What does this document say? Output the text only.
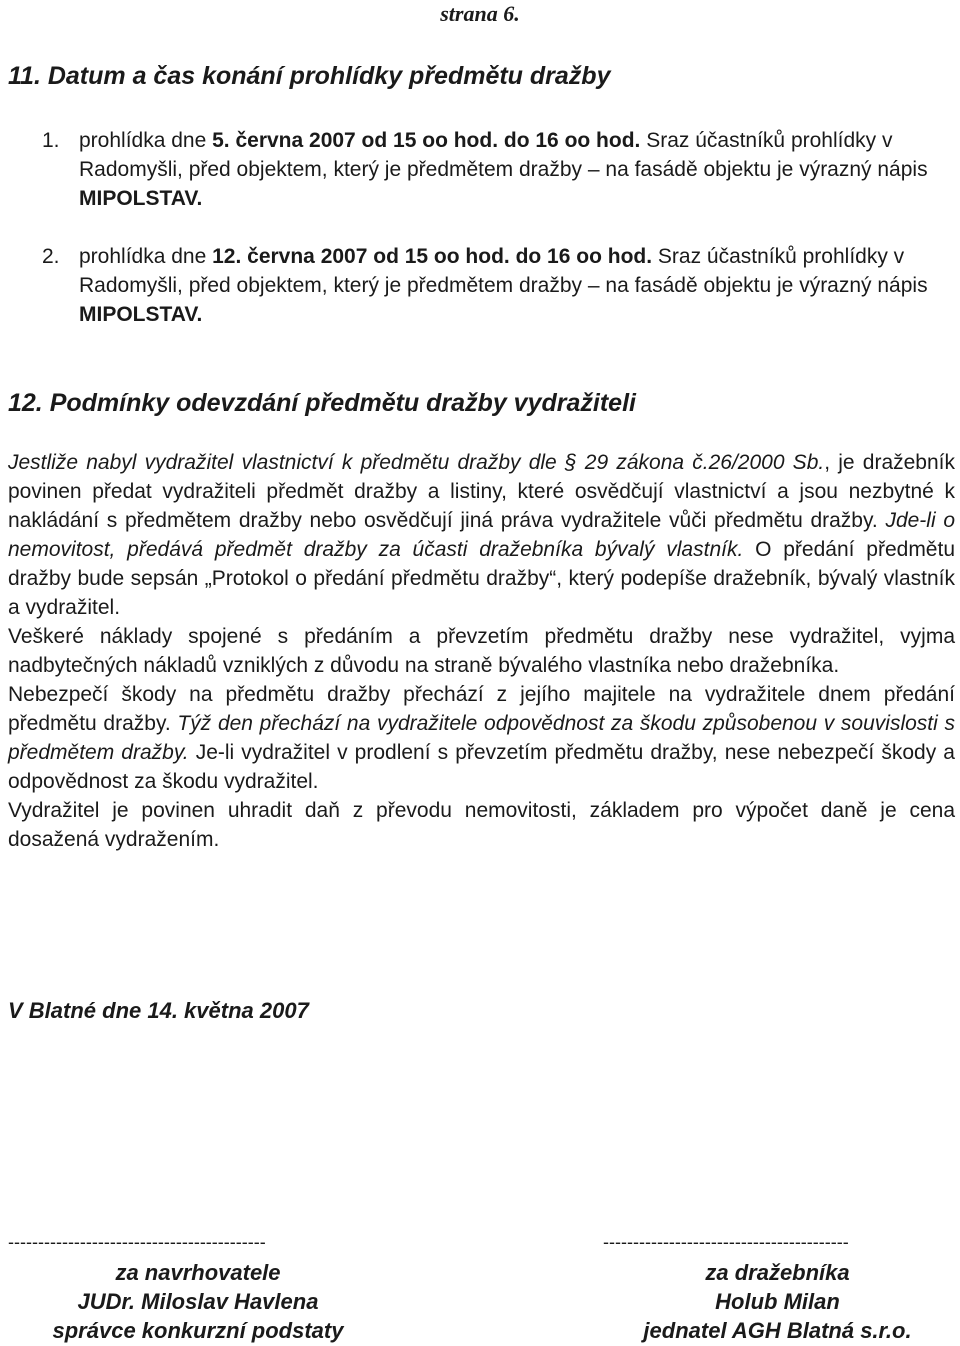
strana 6.
11. Datum a čas konání prohlídky předmětu dražby
1. prohlídka dne 5. června 2007 od 15 oo hod. do 16 oo hod. Sraz účastníků prohlídky v Radomyšli, před objektem, který je předmětem dražby – na fasádě objektu je výrazný nápis MIPOLSTAV.
2. prohlídka dne 12. června 2007 od 15 oo hod. do 16 oo hod. Sraz účastníků prohlídky v Radomyšli, před objektem, který je předmětem dražby – na fasádě objektu je výrazný nápis MIPOLSTAV.
12. Podmínky odevzdání předmětu dražby vydražiteli

Jestliže nabyl vydražitel vlastnictví k předmětu dražby dle § 29 zákona č.26/2000 Sb., je dražebník povinen předat vydražiteli předmět dražby a listiny, které osvědčují vlastnictví a jsou nezbytné k nakládání s předmětem dražby nebo osvědčují jiná práva vydražitele vůči předmětu dražby. Jde-li o nemovitost, předává předmět dražby za účasti dražebníka bývalý vlastník. O předání předmětu dražby bude sepsán „Protokol o předání předmětu dražby“, který podepíše dražebník, bývalý vlastník a vydražitel.

Veškeré náklady spojené s předáním a převzetím předmětu dražby nese vydražitel, vyjma nadbytečných nákladů vzniklých z důvodu na straně bývalého vlastníka nebo dražebníka.

Nebezpečí škody na předmětu dražby přechází z jejího majitele na vydražitele dnem předání předmětu dražby. Týž den přechází na vydražitele odpovědnost za škodu způsobenou v souvislosti s předmětem dražby. Je-li vydražitel v prodlení s převzetím předmětu dražby, nese nebezpečí škody a odpovědnost za škodu vydražitel.

Vydražitel je povinen uhradit daň z převodu nemovitosti, základem pro výpočet daně je cena dosažená vydražením.

V Blatné dne 14. května 2007
-------------------------------------------	-----------------------------------------
za navrhovatele
JUDr. Miloslav Havlena
správce konkurzní podstaty
za dražebníka
Holub Milan
jednatel AGH Blatná s.r.o.
